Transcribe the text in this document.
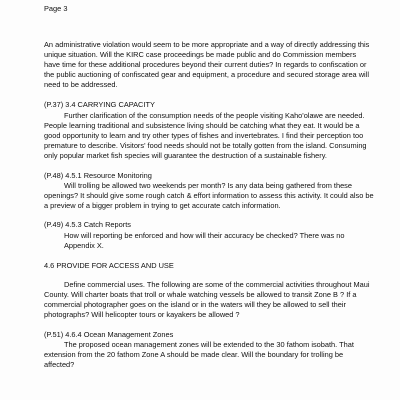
Page 3

An administrative violation would seem to be more appropriate and a way of directly addressing this unique situation. Will the KIRC case proceedings be made public and do Commission members have time for these additional procedures beyond their current duties? In regards to confiscation or the public auctioning of confiscated gear and equipment, a procedure and secured storage area will need to be addressed.

(P.37) 3.4 CARRYING CAPACITY

Further clarification of the consumption needs of the people visiting Kaho'olawe are needed. People learning traditional and subsistence living should be catching what they eat. It would be a good opportunity to learn and try other types of fishes and invertebrates. I find their perception too premature to describe. Visitors' food needs should not be totally gotten from the island. Consuming only popular market fish species will guarantee the destruction of a sustainable fishery.

(P.48) 4.5.1 Resource Monitoring

Will trolling be allowed two weekends per month? Is any data being gathered from these openings? It should give some rough catch & effort information to assess this activity. It could also be a preview of a bigger problem in trying to get accurate catch information.

(P.49) 4.5.3 Catch Reports

How will reporting be enforced and how will their accuracy be checked? There was no Appendix X.

4.6 PROVIDE FOR ACCESS AND USE

Define commercial uses. The following are some of the commercial activities throughout Maui County. Will charter boats that troll or whale watching vessels be allowed to transit Zone B ? If a commercial photographer goes on the island or in the waters will they be allowed to sell their photographs? Will helicopter tours or kayakers be allowed ?

(P.51) 4.6.4 Ocean Management Zones

The proposed ocean management zones will be extended to the 30 fathom isobath. That extension from the 20 fathom Zone A should be made clear. Will the boundary for trolling be affected?
